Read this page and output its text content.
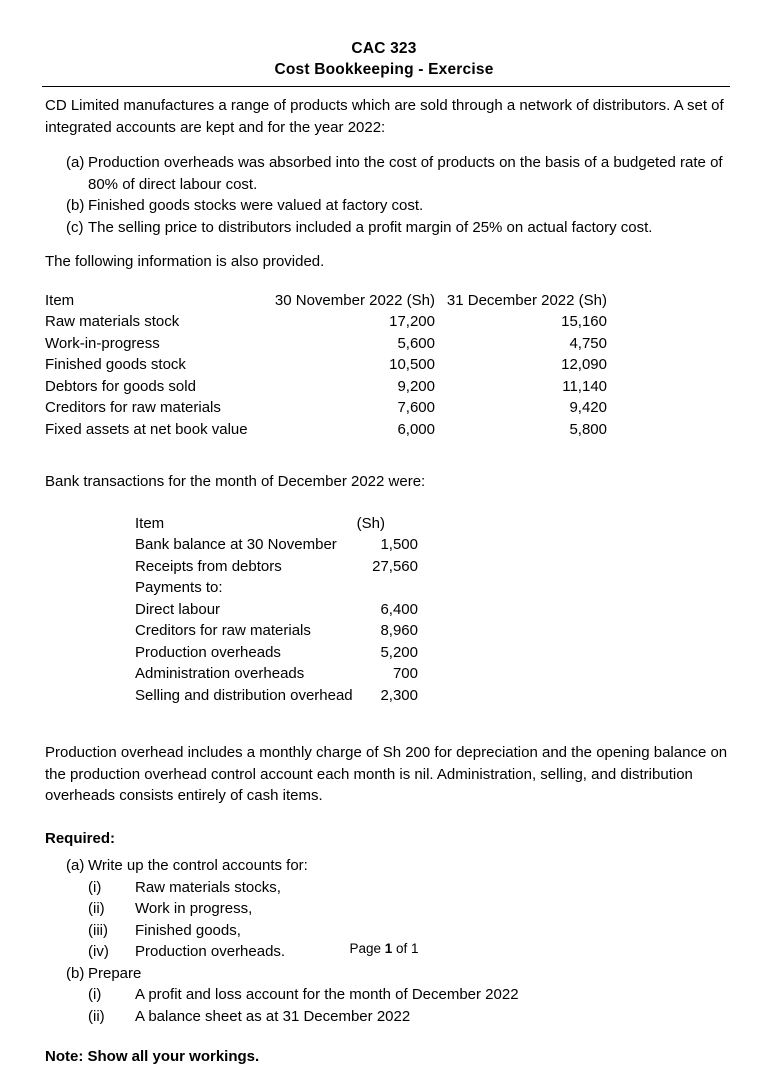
CAC 323
Cost Bookkeeping - Exercise

CD Limited manufactures a range of products which are sold through a network of distributors. A set of integrated accounts are kept and for the year 2022:

(a) Production overheads was absorbed into the cost of products on the basis of a budgeted rate of 80% of direct labour cost.
(b) Finished goods stocks were valued at factory cost.
(c) The selling price to distributors included a profit margin of 25% on actual factory cost.

The following information is also provided.

Item	30 November 2022 (Sh)	31 December 2022 (Sh)
Raw materials stock	17,200	15,160
Work-in-progress	5,600	4,750
Finished goods stock	10,500	12,090
Debtors for goods sold	9,200	11,140
Creditors for raw materials	7,600	9,420
Fixed assets at net book value	6,000	5,800

Bank transactions for the month of December 2022 were:

Item	(Sh)
Bank balance at 30 November	1,500
Receipts from debtors	27,560
Payments to:	
Direct labour	6,400
Creditors for raw materials	8,960
Production overheads	5,200
Administration overheads	700
Selling and distribution overhead	2,300

Production overhead includes a monthly charge of Sh 200 for depreciation and the opening balance on the production overhead control account each month is nil. Administration, selling, and distribution overheads consists entirely of cash items.

Required:
(a) Write up the control accounts for:
(i) Raw materials stocks,
(ii) Work in progress,
(iii) Finished goods,
(iv) Production overheads.
(b) Prepare
(i) A profit and loss account for the month of December 2022
(ii) A balance sheet as at 31 December 2022
Note: Show all your workings.
Page 1 of 1
